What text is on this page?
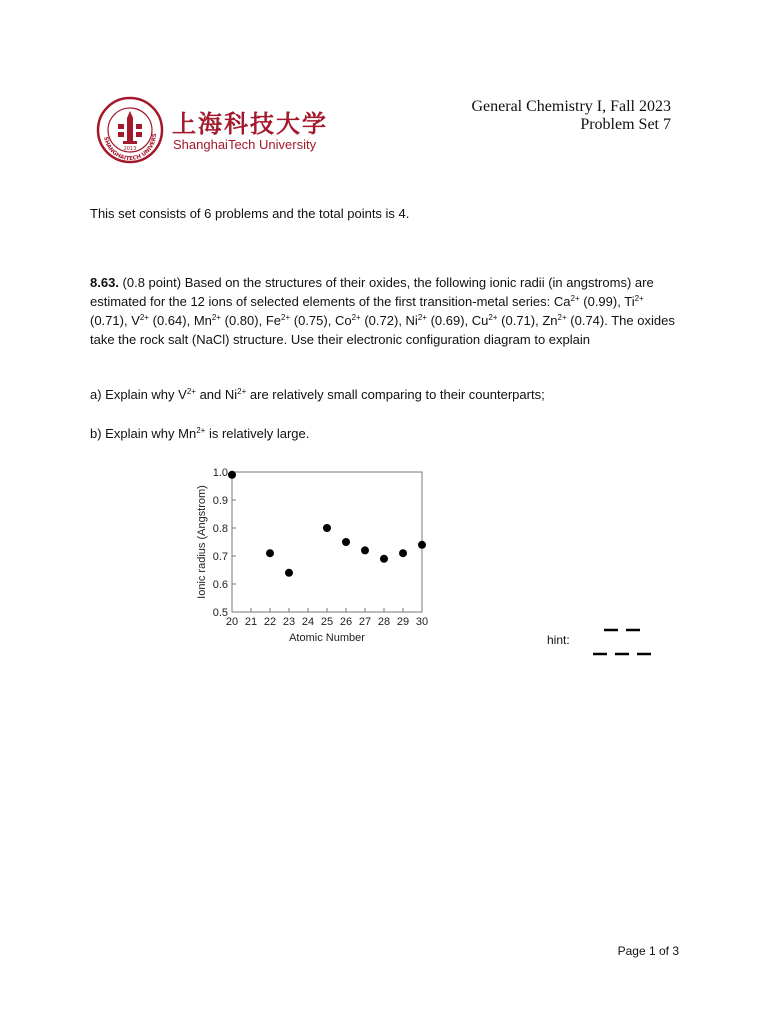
SHANGHAITECH UNIVERS
2013
上海科技大学
ShanghaiTech University
General Chemistry I, Fall 2023
Problem Set 7
This set consists of 6 problems and the total points is 4.
8.63. (0.8 point) Based on the structures of their oxides, the following ionic radii (in angstroms) are estimated for the 12 ions of selected elements of the first transition-metal series: $Ca^{2+}$ (0.99), $Ti^{2+}$ (0.71), $V^{2+}$ (0.64), $Mn^{2+}$ (0.80), $Fe^{2+}$ (0.75), $Co^{2+}$ (0.72), $Ni^{2+}$ (0.69), $Cu^{2+}$ (0.71), $Zn^{2+}$ (0.74). The oxides take the rock salt (NaCl) structure. Use their electronic configuration diagram to explain
a) Explain why $V^{2+}$ and $Ni^{2+}$ are relatively small comparing to their counterparts;
b) Explain why $Mn^{2+}$ is relatively large.
0.5
0.6
0.7
0.8
0.9
1.0
20 21 22 23 24 25 26 27 28 29 30
Atomic Number
Ionic radius (Angstrom)
hint:
Page 1 of 3
